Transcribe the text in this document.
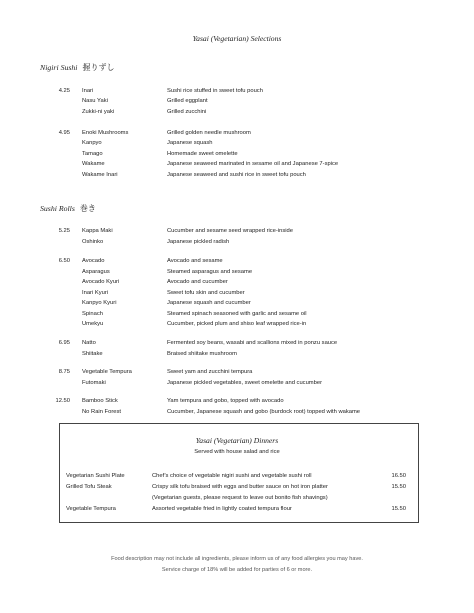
Yasai (Vegetarian) Selections
Nigiri Sushi 握りずし
4.25 Inari	Sushi rice stuffed in sweet tofu pouch
Nasu Yaki	Grilled eggplant
Zukki-ni yaki	Grilled zucchini
4.95 Enoki Mushrooms	Grilled golden needle mushroom
Kanpyo	Japanese squash
Tamago	Homemade sweet omelette
Wakame	Japanese seaweed marinated in sesame oil and Japanese 7-spice
Wakame Inari	Japanese seaweed and sushi rice in sweet tofu pouch
Sushi Rolls 巻き
5.25 Kappa Maki	Cucumber and sesame seed wrapped rice-inside
Oshinko	Japanese pickled radish
6.50 Avocado	Avocado and sesame
Asparagus	Steamed asparagus and sesame
Avocado Kyuri	Avocado and cucumber
Inari Kyuri	Sweet tofu skin and cucumber
Kanpyo Kyuri	Japanese squash and cucumber
Spinach	Steamed spinach seasoned with garlic and sesame oil
Umekyu	Cucumber, picked plum and shiso leaf wrapped rice-in
6.95 Natto	Fermented soy beans, wasabi and scallions mixed in ponzu sauce
Shiitake	Braised shiitake mushroom
8.75 Vegetable Tempura	Sweet yam and zucchini tempura
Futomaki	Japanese pickled vegetables, sweet omelette and cucumber
12.50 Bamboo Stick	Yam tempura and gobo, topped with avocado
No Rain Forest	Cucumber, Japanese squash and gobo (burdock root) topped with wakame
Yasai (Vegetarian) Dinners
Served with house salad and rice
Vegetarian Sushi Plate	Chef’s choice of vegetable nigiri sushi and vegetable sushi roll	16.50
Grilled Tofu Steak	Crispy silk tofu braised with eggs and butter sauce on hot iron platter	15.50
(Vegetarian guests, please request to leave out bonito fish shavings)
Vegetable Tempura	Assorted vegetable fried in lightly coated tempura flour	15.50
Food description may not include all ingredients, please inform us of any food allergies you may have.
Service charge of 18% will be added for parties of 6 or more.
